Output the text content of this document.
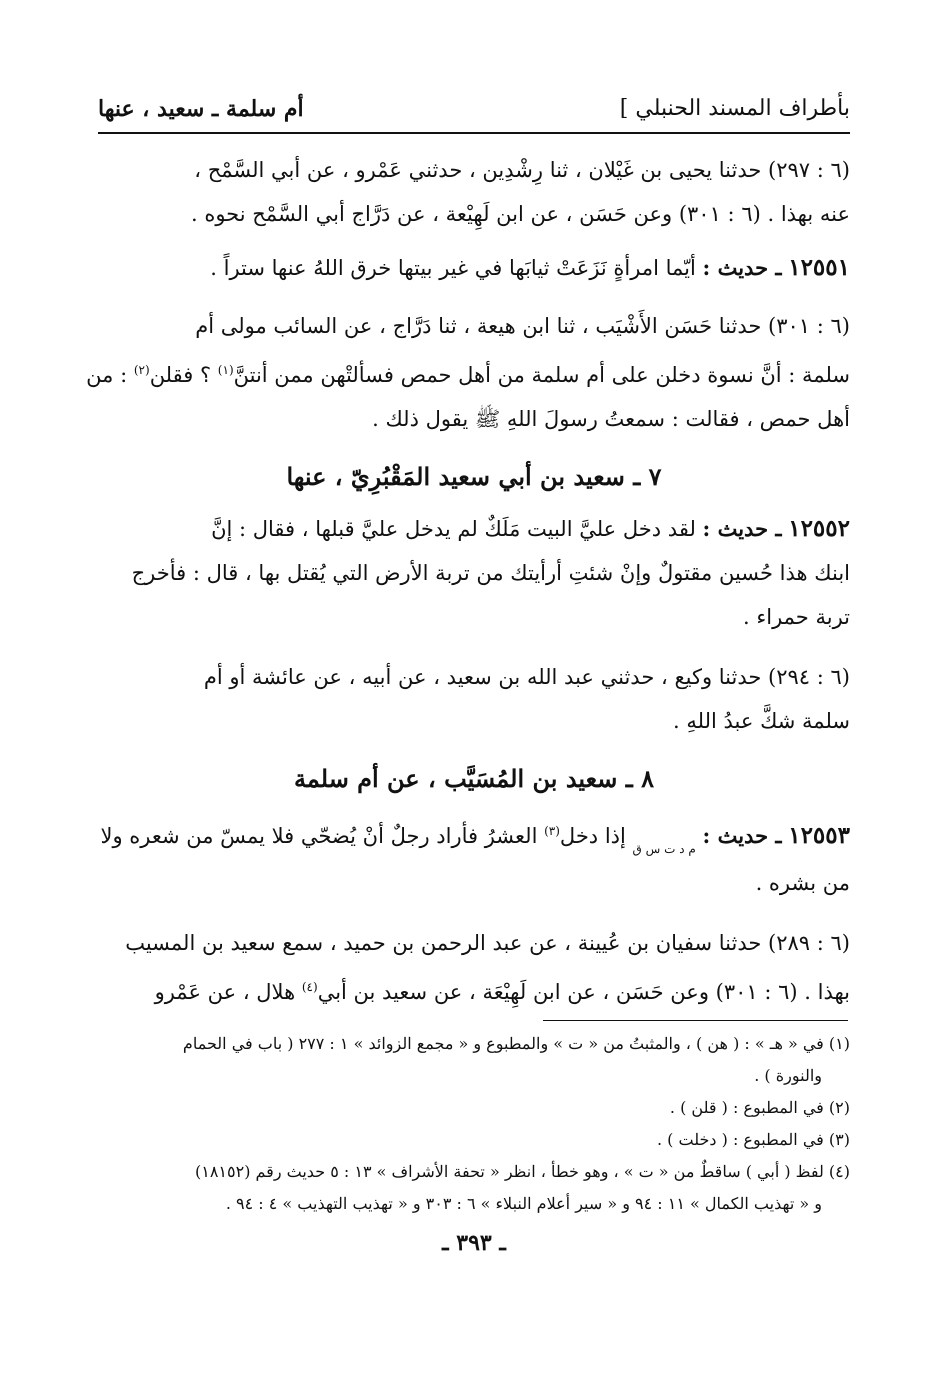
بأطراف المسند الحنبلي ]
أم سلمة ـ سعيد ، عنها
(٦ : ٢٩٧) حدثنا يحيى بن غَيْلان ، ثنا رِشْدِين ، حدثني عَمْرو ، عن أبي السَّمْح ،
عنه بهذا . (٦ : ٣٠١) وعن حَسَن ، عن ابن لَهِيْعة ، عن دَرَّاج أبي السَّمْح نحوه .
١٢٥٥١ ـ حديث : أيّما امرأةٍ نَزَعَتْ ثيابَها في غير بيتها خرق اللهُ عنها ستراً .
(٦ : ٣٠١) حدثنا حَسَن الأَشْيَب ، ثنا ابن هيعة ، ثنا دَرَّاج ، عن السائب مولى أم
سلمة : أنَّ نسوة دخلن على أم سلمة من أهل حمص فسألتْهن ممن أنتنَّ$^{(١)}$ ؟ فقلن$^{(٢)}$ : من
أهل حمص ، فقالت : سمعتُ رسولَ اللهِ ﷺ يقول ذلك .
٧ ـ سعيد بن أبي سعيد المَقْبُرِيّ ، عنها
١٢٥٥٢ ـ حديث : لقد دخل عليَّ البيت مَلَكٌ لم يدخل عليَّ قبلها ، فقال : إنَّ
ابنك هذا حُسين مقتولٌ وإنْ شئتِ أرأيتك من تربة الأرض التي يُقتل بها ، قال : فأخرج
تربة حمراء .
(٦ : ٢٩٤) حدثنا وكيع ، حدثني عبد الله بن سعيد ، عن أبيه ، عن عائشة أو أم
سلمة شكَّ عبدُ اللهِ .
٨ ـ سعيد بن المُسَيَّب ، عن أم سلمة
١٢٥٥٣ ـ حديث : $_{م د ت س ق}$ إذا دخل$^{(٣)}$ العشرُ فأراد رجلٌ أنْ يُضحّي فلا يمسّ من شعره ولا
من بشره .
(٦ : ٢٨٩) حدثنا سفيان بن عُيينة ، عن عبد الرحمن بن حميد ، سمع سعيد بن المسيب
بهذا . (٦ : ٣٠١) وعن حَسَن ، عن ابن لَهِيْعَة ، عن سعيد بن أبي$^{(٤)}$ هلال ، عن عَمْرو
(١) في « هـ » : ( هن ) ، والمثبتُ من « ت » والمطبوع و « مجمع الزوائد » ١ : ٢٧٧ ( باب في الحمام
والنورة ) .
(٢) في المطبوع : ( قلن ) .
(٣) في المطبوع : ( دخلت ) .
(٤) لفظ ( أبي ) ساقطٌ من « ت » ، وهو خطأ ، انظر « تحفة الأشراف » ١٣ : ٥ حديث رقم (١٨١٥٢)
و « تهذيب الكمال » ١١ : ٩٤ و « سير أعلام النبلاء » ٦ : ٣٠٣ و « تهذيب التهذيب » ٤ : ٩٤ .
ـ ٣٩٣ ـ
